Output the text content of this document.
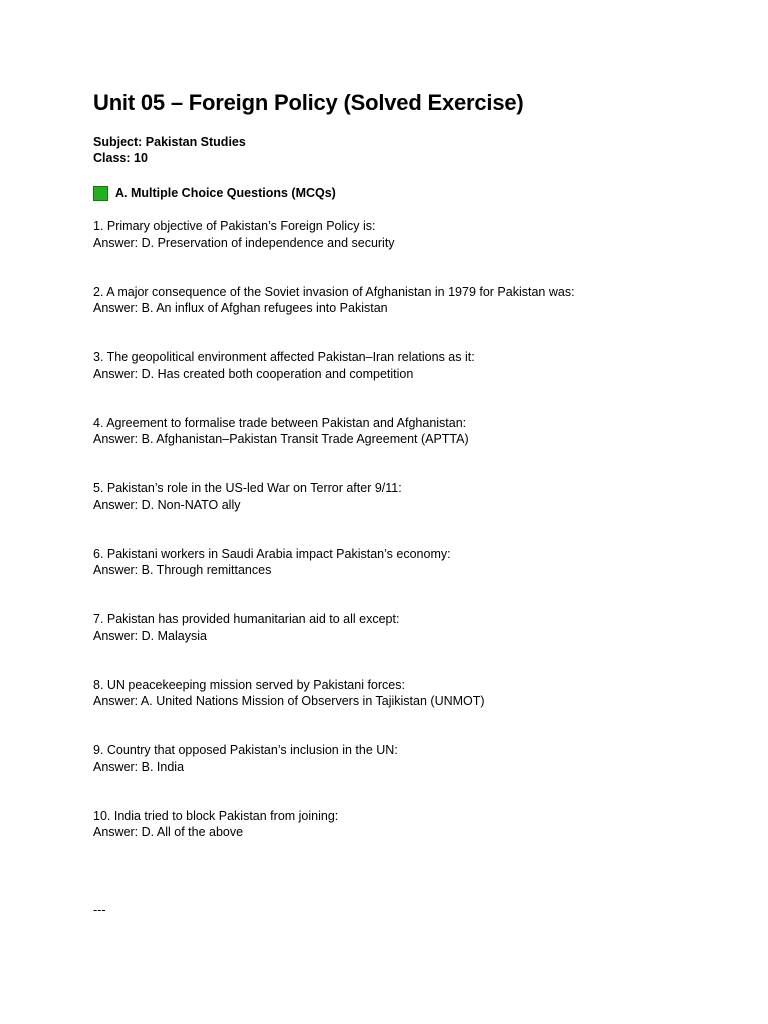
Unit 05 – Foreign Policy (Solved Exercise)
Subject: Pakistan Studies
Class: 10
A. Multiple Choice Questions (MCQs)
1. Primary objective of Pakistan’s Foreign Policy is:
Answer: D. Preservation of independence and security
2. A major consequence of the Soviet invasion of Afghanistan in 1979 for Pakistan was:
Answer: B. An influx of Afghan refugees into Pakistan
3. The geopolitical environment affected Pakistan–Iran relations as it:
Answer: D. Has created both cooperation and competition
4. Agreement to formalise trade between Pakistan and Afghanistan:
Answer: B. Afghanistan–Pakistan Transit Trade Agreement (APTTA)
5. Pakistan’s role in the US-led War on Terror after 9/11:
Answer: D. Non-NATO ally
6. Pakistani workers in Saudi Arabia impact Pakistan’s economy:
Answer: B. Through remittances
7. Pakistan has provided humanitarian aid to all except:
Answer: D. Malaysia
8. UN peacekeeping mission served by Pakistani forces:
Answer: A. United Nations Mission of Observers in Tajikistan (UNMOT)
9. Country that opposed Pakistan’s inclusion in the UN:
Answer: B. India
10. India tried to block Pakistan from joining:
Answer: D. All of the above
---
